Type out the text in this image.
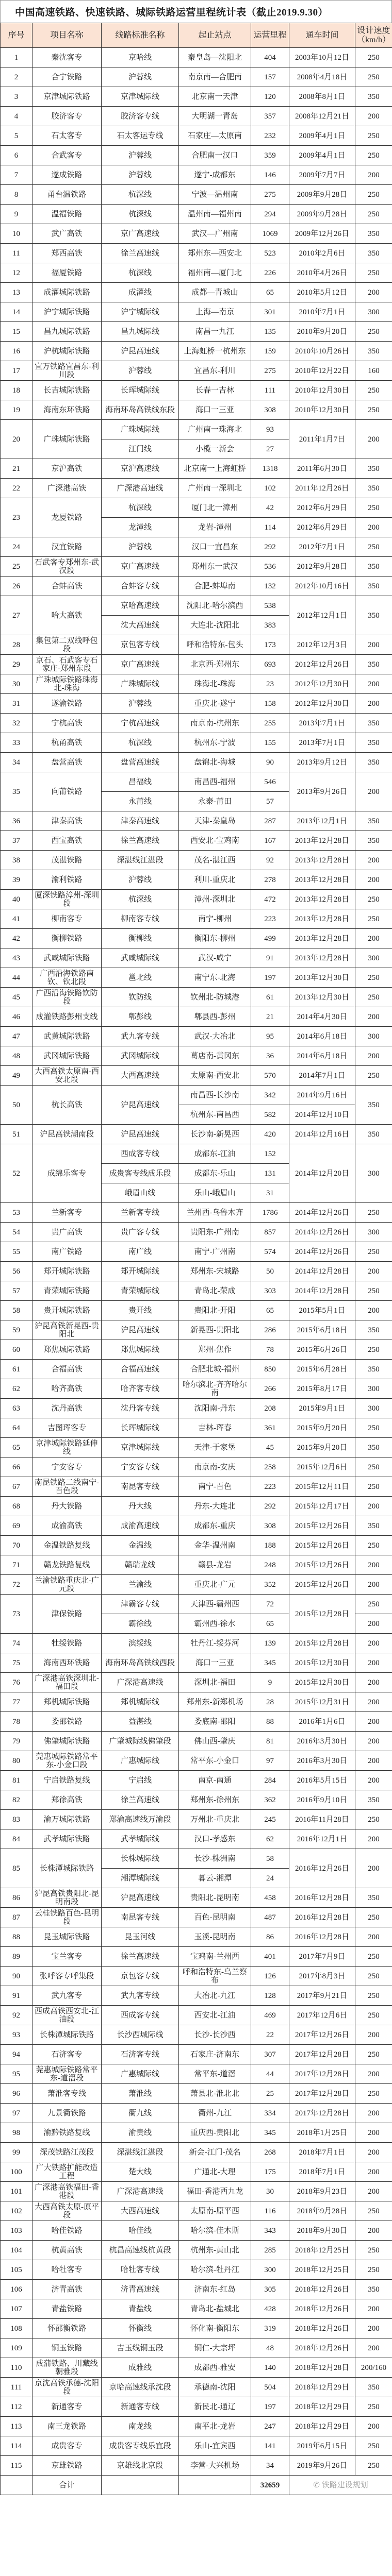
中国高速铁路、快速铁路、城际铁路运营里程统计表（截止2019.9.30）
序号	项目名称	线路标准名称	起止站点	运营里程	通车时间	设计速度
（km/h）
1	秦沈客专	京哈线	秦皇岛—沈阳北	404	2003年10月12日	250
2	合宁铁路	沪蓉线	南京南—合肥南	157	2008年4月18日	250
3	京津城际铁路	京津城际线	北京南一天津	120	2008年8月1日	350
4	胶济客专	胶济客专线	大明湖一青岛	357	2008年12月21日	200
5	石太客专	石太客运专线	石家庄—太原南	232	2009年4月1日	250
6	合武客专	沪蓉线	合肥南一汉口	359	2009年4月1日	250
7	遂成铁路	沪蓉线	遂宁-成都东	146	2009年7月7日	200
8	甬台温铁路	杭深线	宁波—温州南	275	2009年9月28日	250
9	温福铁路	杭深线	温州南—福州南	294	2009年9月28日	250
10	武广高铁	京广高速线	武汉—广州南	1069	2009年12月26日	350
11	郑西高铁	徐兰高速线	郑州东—西安北	523	2010年2月6日	350
12	福厦铁路	杭深线	福州南—厦门北	226	2010年4月26日	250
13	成灌城际铁路	成灌线	成都—青城山	65	2010年5月12日	200
14	沪宁城际铁路	沪宁城际线	上海—南京	301	2010年7月1日	300
15	昌九城际铁路	昌九城际线	南昌一九江	135	2010年9月20日	250
16	沪杭城际铁路	沪昆高速线	上海虹桥一杭州东	159	2010年10月26日	350
17	宜万铁路宜昌东-利川段	沪蓉线	宜昌东-利川	275	2010年12月22日	160
18	长吉城际铁路	长珲城际线	长春一吉林	111	2010年12月30日	250
19	海南东环铁路	海南环岛高铁线东段	海口一三亚	308	2010年12月30日	250
20	广珠城际铁路	广珠城际线	广州南一珠海北	93	2011年1月7日	200
		江门线	小榄一新会	27		
21	京沪高铁	京沪高速线	北京南一上海虹桥	1318	2011年6月30日	350
22	广深港高铁	广深港高速线	广州南一深圳北	102	2011年12月26日	350
23	龙厦铁路	杭深线	厦门北一漳州	42	2012年6月29日	250
		龙漳线	龙岩-漳州	114	2012年6月29日	200
24	汉宜铁路	沪蓉线	汉口一宜昌东	292	2012年7月1日	250
25	石武客专郑州东-武汉段	京广高速线	郑州东一武汉	536	2012年9月28日	350
26	合蚌高铁	合蚌客专线	合肥-蚌埠南	132	2012年10月16日	350
27	哈大高铁	京哈高速线	沈阳北-哈尔滨西	538	2012年12月1日	350
		沈大高速线	大连北-沈阳北	383		
28	集包第二双线呼包段	京包客专线	呼和浩特东-包头	173	2012年12月3日	200
29	京石、石武客专石家庄-郑州东段	京广高速线	北京西-郑州东	693	2012年12月26日	350
30	广珠城际铁路珠海北-珠海	广珠城际线	珠海北-珠海	23	2012年12月30日	200
31	遂渝铁路	沪蓉线	重庆北-遂宁	158	2012年12月30日	200
32	宁杭高铁	宁杭高速线	南京南-杭州东	255	2013年7月1日	350
33	杭甬高铁	杭深线	杭州东-宁波	155	2013年7月1日	350
34	盘营高铁	盘营高速线	盘锦北-海城	90	2013年9月12日	350
35	向莆铁路	昌福线	南昌西-福州	546	2013年9月26日	200
		永莆线	永泰-莆田	57		
36	津秦高铁	津秦高速线	天津-秦皇岛	287	2013年12月1日	350
37	西宝高铁	徐兰高速线	西安北-宝鸡南	167	2013年12月28日	350
38	茂湛铁路	深湛线江湛段	茂名-湛江西	92	2013年12月28日	200
39	渝利铁路	沪蓉线	利川-重庆北	278	2013年12月28日	200
40	厦深铁路漳州-深圳段	杭深线	漳州-深圳北	472	2013年12月28日	250
41	柳南客专	柳南客专线	南宁-柳州	223	2013年12月28日	250
42	衡柳铁路	衡柳线	衡阳东-柳州	499	2013年12月28日	200
43	武咸城际铁路	武咸城际线	武汉-咸宁	91	2013年12月28日	300
44	广西沿海铁路南钦、钦北段	邕北线	南宁东-北海	197	2013年12月30日	250
45	广西沿海铁路钦防段	钦防线	钦州北-防城港	61	2013年12月30日	250
46	成灌铁路彭州支线	郫彭线	郫县西-彭州	21	2014年4月30日	200
47	武黄城际铁路	武九客专线	武汉-大冶北	95	2014年6月18日	300
48	武冈城际铁路	武冈城际线	葛店南-黄冈东	36	2014年6月18日	200
49	大西高铁太原南-西安北段	大西高速线	太原南-西安北	570	2014年7月1日	250
50	杭长高铁	沪昆高速线	南昌西-长沙南	342	2014年9月16日	350
			杭州东-南昌西	582	2014年12月10日	
51	沪昆高铁湖南段	沪昆高速线	长沙南-新晃西	420	2014年12月16日	350
52	成绵乐客专	西成客专线	成都东-江油	152	2014年12月20日	300
		成贵客专线成乐段	成都东-乐山	131		
		峨眉山线	乐山-峨眉山	31		
53	兰新客专	兰新客专线	兰州西-乌鲁木齐	1786	2014年12月26日	250
54	贵广高铁	贵广客专线	贵阳东-广州南	857	2014年12月26日	300
55	南广铁路	南广线	南宁-广州南	574	2014年12月26日	250
56	郑开城际铁路	郑开城际线	郑州东-宋城路	50	2014年12月28日	200
57	青荣城际铁路	青荣城际线	青岛北-荣成	303	2014年12月28日	250
58	贵开城际铁路	贵开线	贵阳北-开阳	65	2015年5月1日	200
59	沪昆高铁新晃西-贵阳北	沪昆高速线	新晃西-贵阳北	286	2015年6月18日	350
60	郑焦城际铁路	郑焦城际线	郑州-焦作	78	2015年6月26日	250
61	合福高铁	合福高速线	合肥北城-福州	850	2015年6月28日	350
62	哈齐高铁	哈齐客专线	哈尔滨北-齐齐哈尔南	266	2015年8月17日	300
63	沈丹高铁	沈丹客专线	沈阳南-丹东	208	2015年9月1日	300
64	吉图珲客专	长珲城际线	吉林-珲春	361	2015年9月20日	250
65	京津城际铁路延伸线	京津城际线	天津-于家堡	45	2015年9月20日	350
66	宁安客专	宁安客专线	南京南-安庆	258	2015年12月6日	250
67	南昆铁路二线南宁-百色段	南昆客专线	南宁-百色	223	2015年12月11日	250
68	丹大铁路	丹大线	丹东-大连北	292	2015年12月17日	200
69	成渝高铁	成渝高速线	成都东-重庆	308	2015年12月26日	350
70	金温铁路复线	金温线	金华-温州南	188	2015年12月26日	250
71	赣龙铁路复线	赣瑞龙线	赣县-龙岩	248	2015年12月26日	200
72	兰渝铁路重庆北-广元段	兰渝线	重庆北-广元	352	2015年12月26日	200
73	津保铁路	津霸客专线	天津西-霸州西	72	2015年12月28日	250
		霸徐线	霸州西-徐水	65		200
74	牡绥铁路	滨绥线	牡丹江-绥芬河	139	2015年12月28日	200
75	海南西环铁路	海南环岛高铁线西段	海口一三亚	345	2015年12月30日	200
76	广深港高铁深圳北-福田段	广深港高速线	深圳北-福田	9	2015年12月30日	200
77	郑机城际铁路	郑机城际线	郑州东-新郑机场	28	2015年12月31日	200
78	娄邵铁路	益湛线	娄底南-邵阳	88	2016年1月6日	200
79	佛肇城际铁路	广肇城际线佛肇段	佛山西-肇庆	81	2016年3月30日	200
80	莞惠城际铁路常平东-小金口段	广惠城际线	常平东-小金口	97	2016年3月30日	200
81	宁启铁路复线	宁启线	南京-南通	284	2016年5月15日	200
82	郑徐高铁	徐兰高速线	郑州东-徐州东	362	2016年9月10日	350
83	渝万城际铁路	郑渝高速线万渝段	万州北-重庆北	245	2016年11月28日	250
84	武孝城际铁路	武孝城际线	汉口-孝感东	62	2016年12月1日	200
85	长株潭城际铁路	长株城际线	长沙-株洲南	58	2016年12月26日	200
		湘潭城际线	暮云-湘潭	24		
86	沪昆高铁贵阳北-昆明南段	沪昆高速线	贵阳北-昆明南	458	2016年12月28日	350
87	云桂铁路百色-昆明段	南昆客专线	百色-昆明南	487	2016年12月28日	250
88	昆玉城际铁路	昆玉河线	玉溪-昆明南	86	2016年12月28日	200
89	宝兰客专	徐兰高速线	宝鸡南-兰州西	401	2017年7月9日	250
90	张呼客专呼集段	京包客专线	呼和浩特东-乌兰察布	126	2017年8月3日	250
91	武九客专	武九客专线	大冶北-九江	128	2017年9月21日	250
92	西成高铁西安北-江油段	西成客专线	西安北-江油	469	2017年12月6日	250
93	长株潭城际铁路	长沙西城际线	长沙-长沙西	22	2017年12月26日	200
94	石济客专	石济客专线	石家庄-济南东	307	2017年12月28日	250
95	莞惠城际铁路常平东-道滘段	广惠城际线	常平东-道滘	44	2017年12月28日	200
96	萧淮客专线	萧淮线	萧县北-淮北北	25	2017年12月28日	250
97	九景衢铁路	衢九线	衢州-九江	334	2017年12月28日	200
98	渝黔铁路复线	渝贵线	重庆西-贵阳北	345	2018年1月25日	200
99	深茂铁路江茂段	深湛线江湛段	新会-江门-茂名	268	2018年7月1日	200
100	广大铁路扩能改造工程	楚大线	广通北-大理	175	2018年7月1日	200
101	广深港高铁福田-香港段	广深港高速线	福田-香港西九龙	30	2018年9月23日	200
102	大西高铁太原-原平段	大西高速线	太原南-原平西	116	2018年9月28日	250
103	哈佳铁路	哈佳线	哈尔滨-佳木斯	343	2018年9月30日	200
104	杭黄高铁	杭昌高速线杭黄段	杭州东-黄山北	285	2018年12月25日	250
105	哈牡客专	哈牡客专线	哈尔滨-牡丹江	300	2018年12月25日	250
106	济青高铁	济青高速线	济南东-红岛	305	2018年12月26日	350
107	青盐铁路	青盐线	青岛北-盐城北	428	2018年12月26日	200
108	怀邵衡铁路	怀衡线	怀化南-衡阳东	319	2018年12月26日	200
109	铜玉铁路	吉玉线铜玉段	铜仁-大宗坪	48	2018年12月26日	200
110	成蒲铁路、川藏线朝雅段	成雅线	成都西-雅安	140	2018年12月28日	200/160
111	京沈高铁承德-沈阳段	京哈高速线承沈段	承德南-沈阳	504	2018年12月29日	350
112	新通客专	新通客专线	新民北-通辽	197	2018年12月29日	250
113	南三龙铁路	南龙线	南平北-龙岩	247	2018年12月29日	200
114	成贵客专	成贵客专线乐宜段	乐山-宜宾西	141	2019年6月15日	250
115	京雄铁路	京雄线北京段	李营-大兴机场	34	2019年9月26日	250
	合计			32659	✆ 铁路建设规划	
